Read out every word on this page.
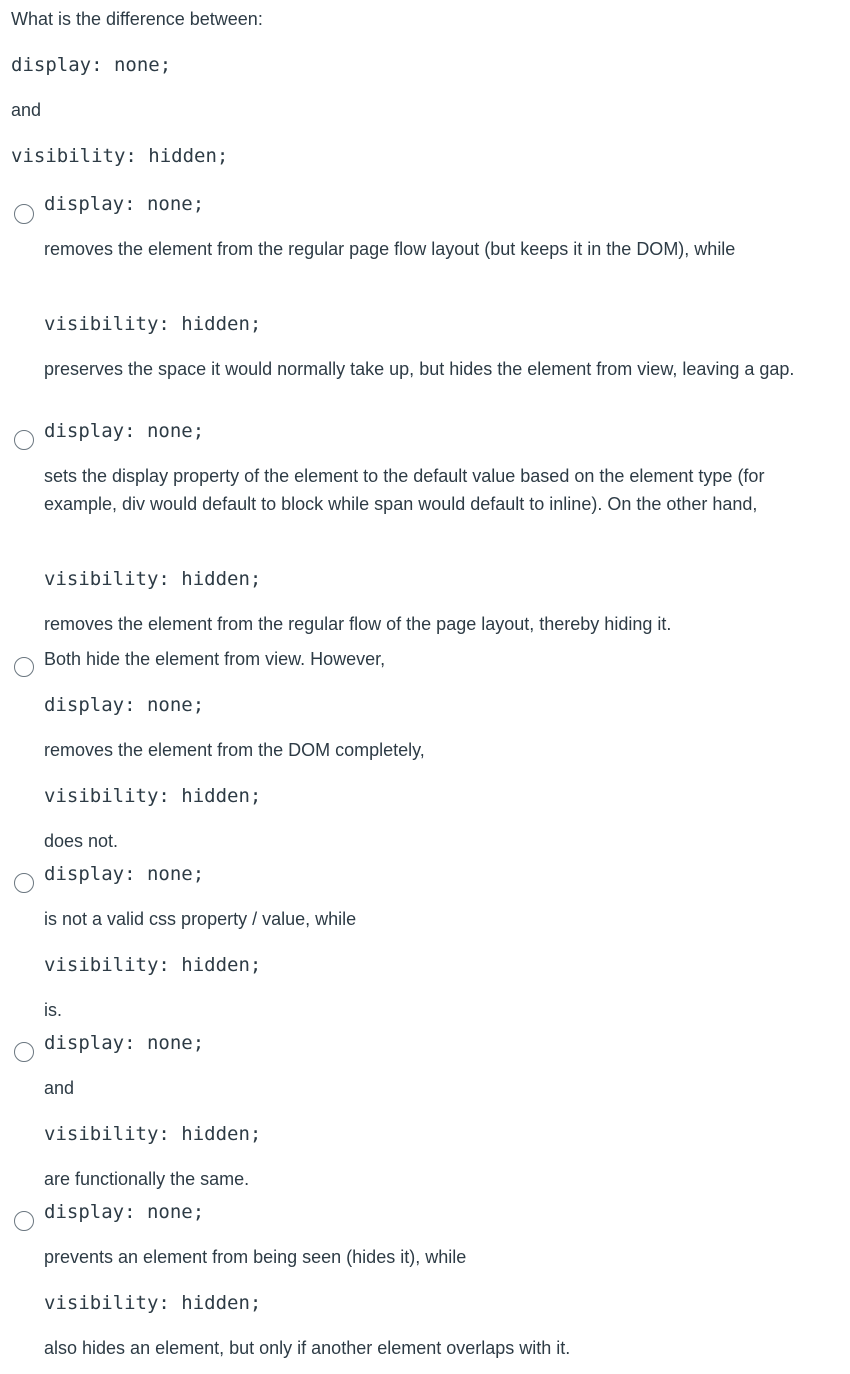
What is the difference between:
display: none;
and
visibility: hidden;
display: none;
removes the element from the regular page flow layout (but keeps it in the DOM), while
visibility: hidden;
preserves the space it would normally take up, but hides the element from view, leaving a gap.
display: none;
sets the display property of the element to the default value based on the element type (for example, div would default to block while span would default to inline). On the other hand,
visibility: hidden;
removes the element from the regular flow of the page layout, thereby hiding it.
Both hide the element from view. However,
display: none;
removes the element from the DOM completely,
visibility: hidden;
does not.
display: none;
is not a valid css property / value, while
visibility: hidden;
is.
display: none;
and
visibility: hidden;
are functionally the same.
display: none;
prevents an element from being seen (hides it), while
visibility: hidden;
also hides an element, but only if another element overlaps with it.
